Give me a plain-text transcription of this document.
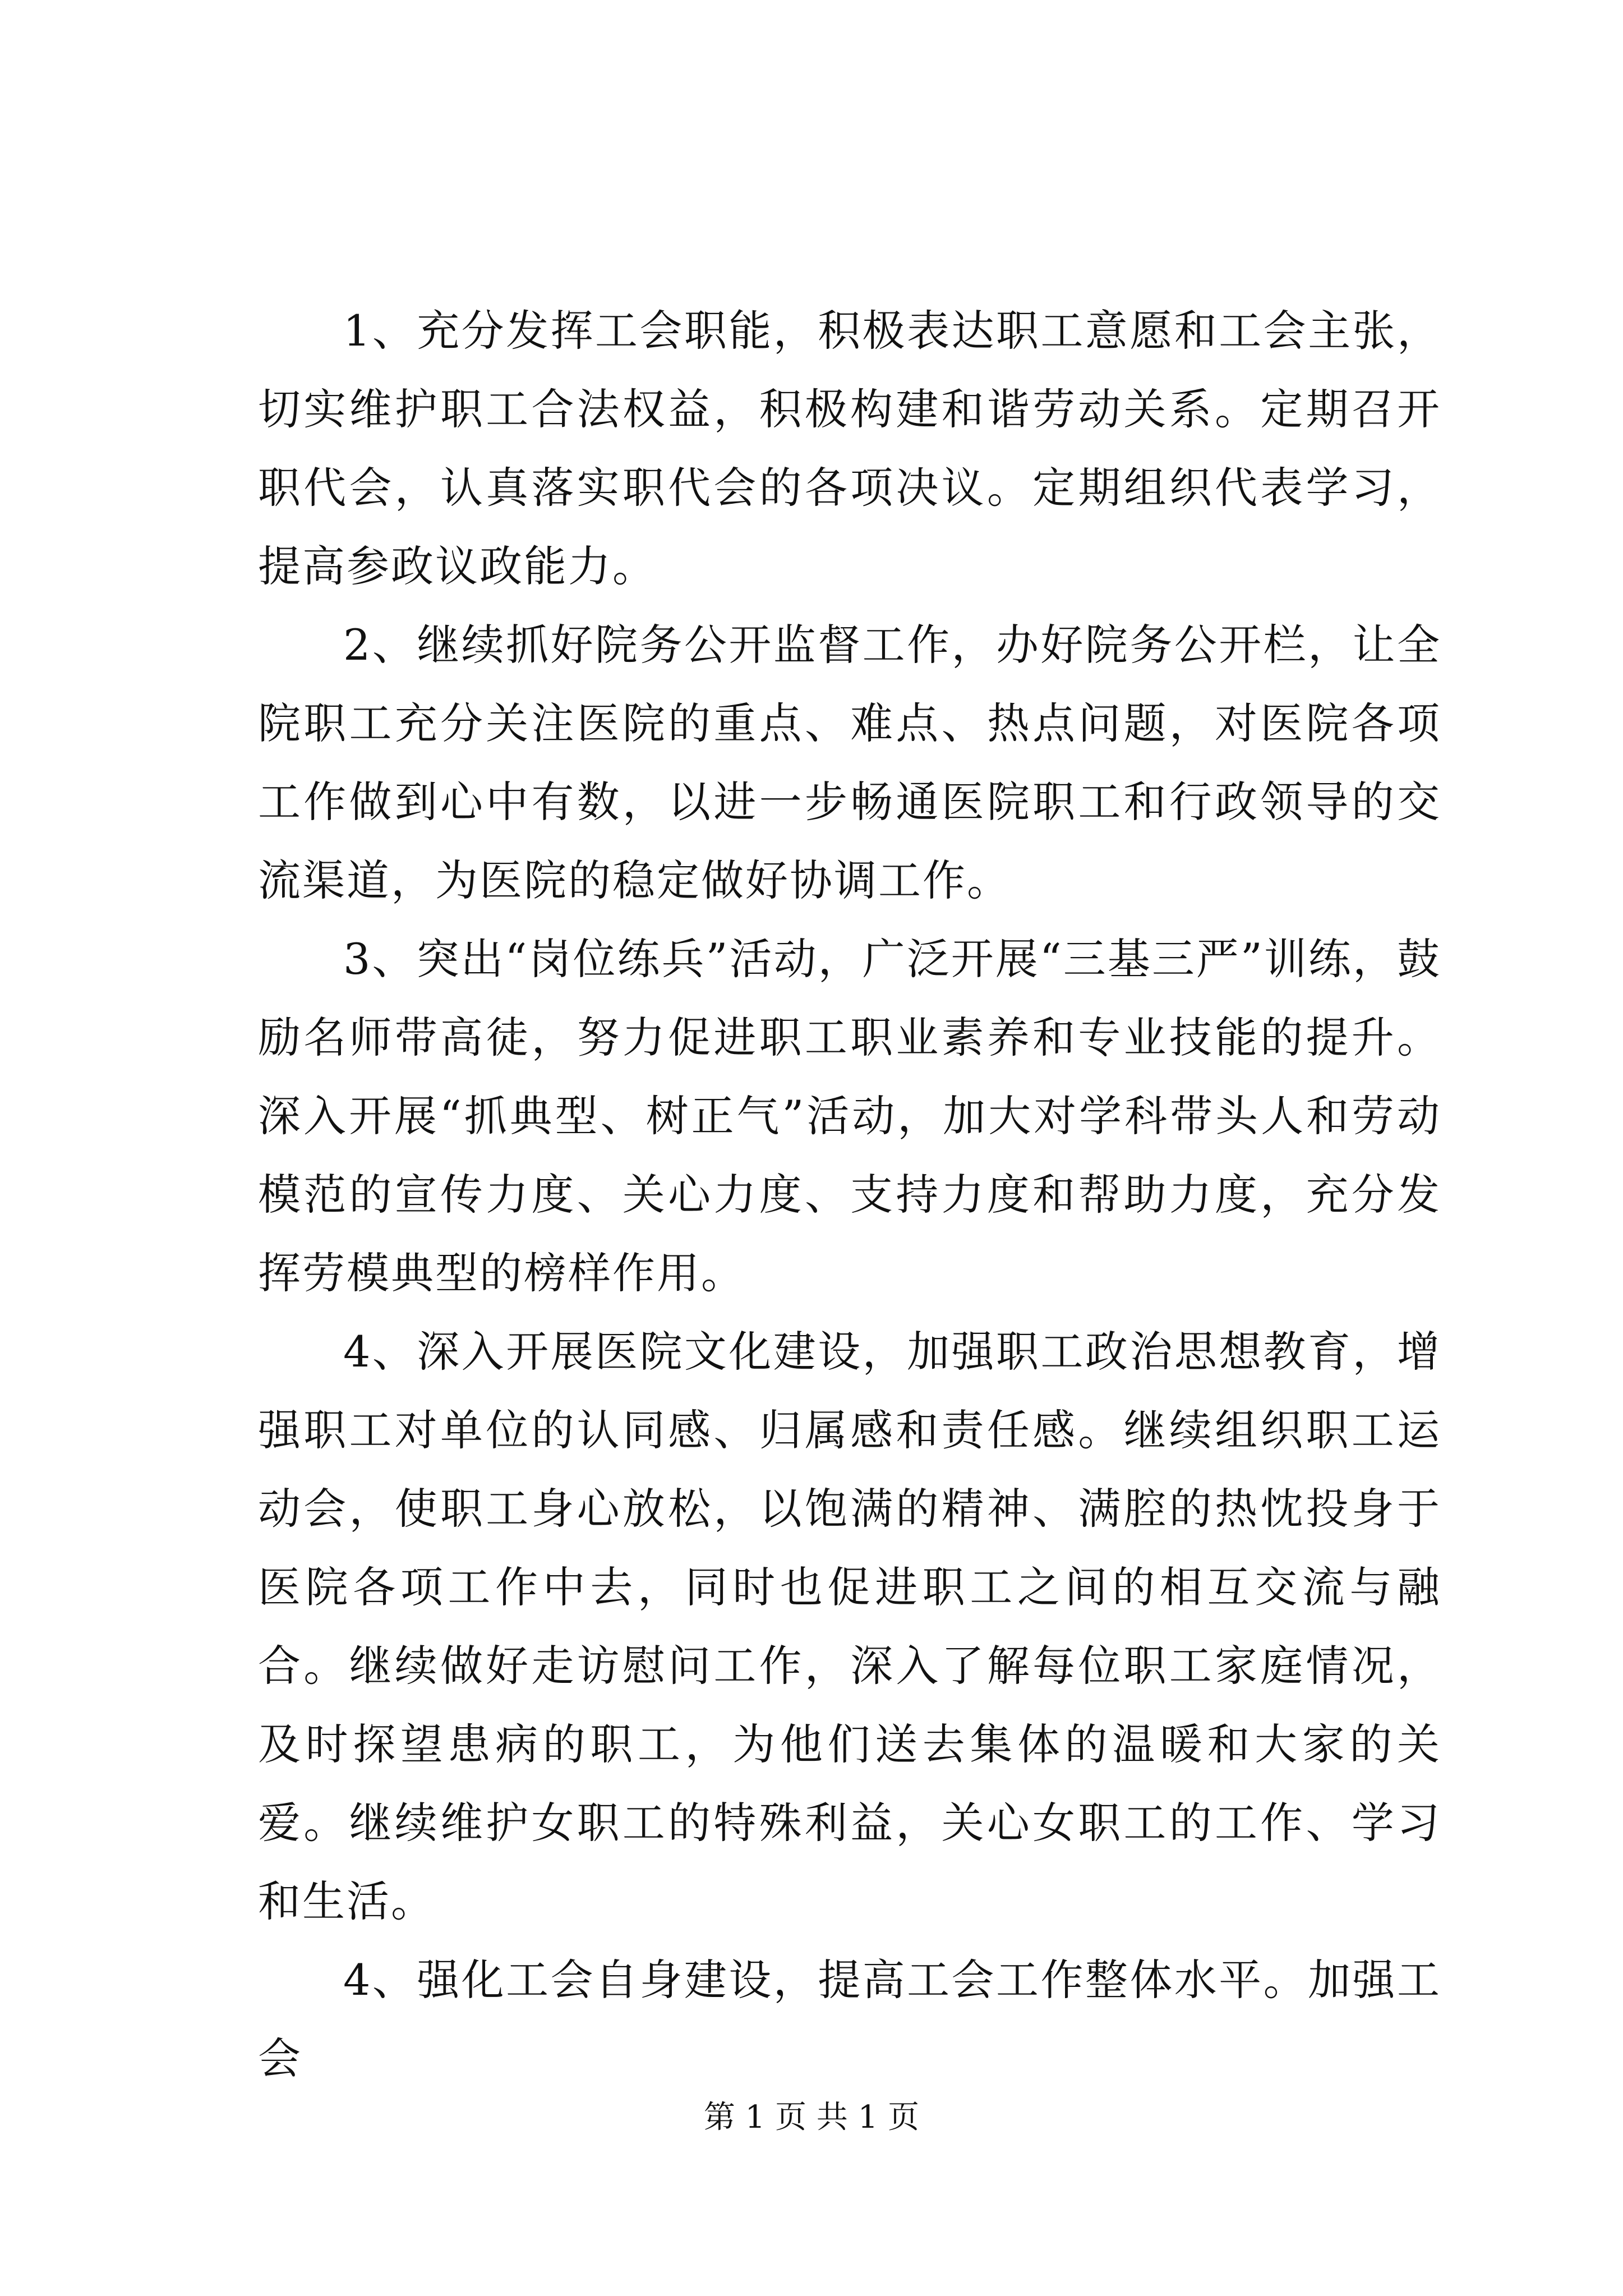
1、充分发挥工会职能，积极表达职工意愿和工会主张，切实维护职工合法权益，积极构建和谐劳动关系。定期召开职代会，认真落实职代会的各项决议。定期组织代表学习，提高参政议政能力。

2、继续抓好院务公开监督工作，办好院务公开栏，让全院职工充分关注医院的重点、难点、热点问题，对医院各项工作做到心中有数，以进一步畅通医院职工和行政领导的交流渠道，为医院的稳定做好协调工作。

3、突出“岗位练兵”活动，广泛开展“三基三严”训练，鼓励名师带高徒，努力促进职工职业素养和专业技能的提升。深入开展“抓典型、树正气”活动，加大对学科带头人和劳动模范的宣传力度、关心力度、支持力度和帮助力度，充分发挥劳模典型的榜样作用。

4、深入开展医院文化建设，加强职工政治思想教育，增强职工对单位的认同感、归属感和责任感。继续组织职工运动会，使职工身心放松，以饱满的精神、满腔的热忱投身于医院各项工作中去，同时也促进职工之间的相互交流与融合。继续做好走访慰问工作，深入了解每位职工家庭情况，及时探望患病的职工，为他们送去集体的温暖和大家的关爱。继续维护女职工的特殊利益，关心女职工的工作、学习和生活。

4、强化工会自身建设，提高工会工作整体水平。加强工会

第 1 页 共 1 页
